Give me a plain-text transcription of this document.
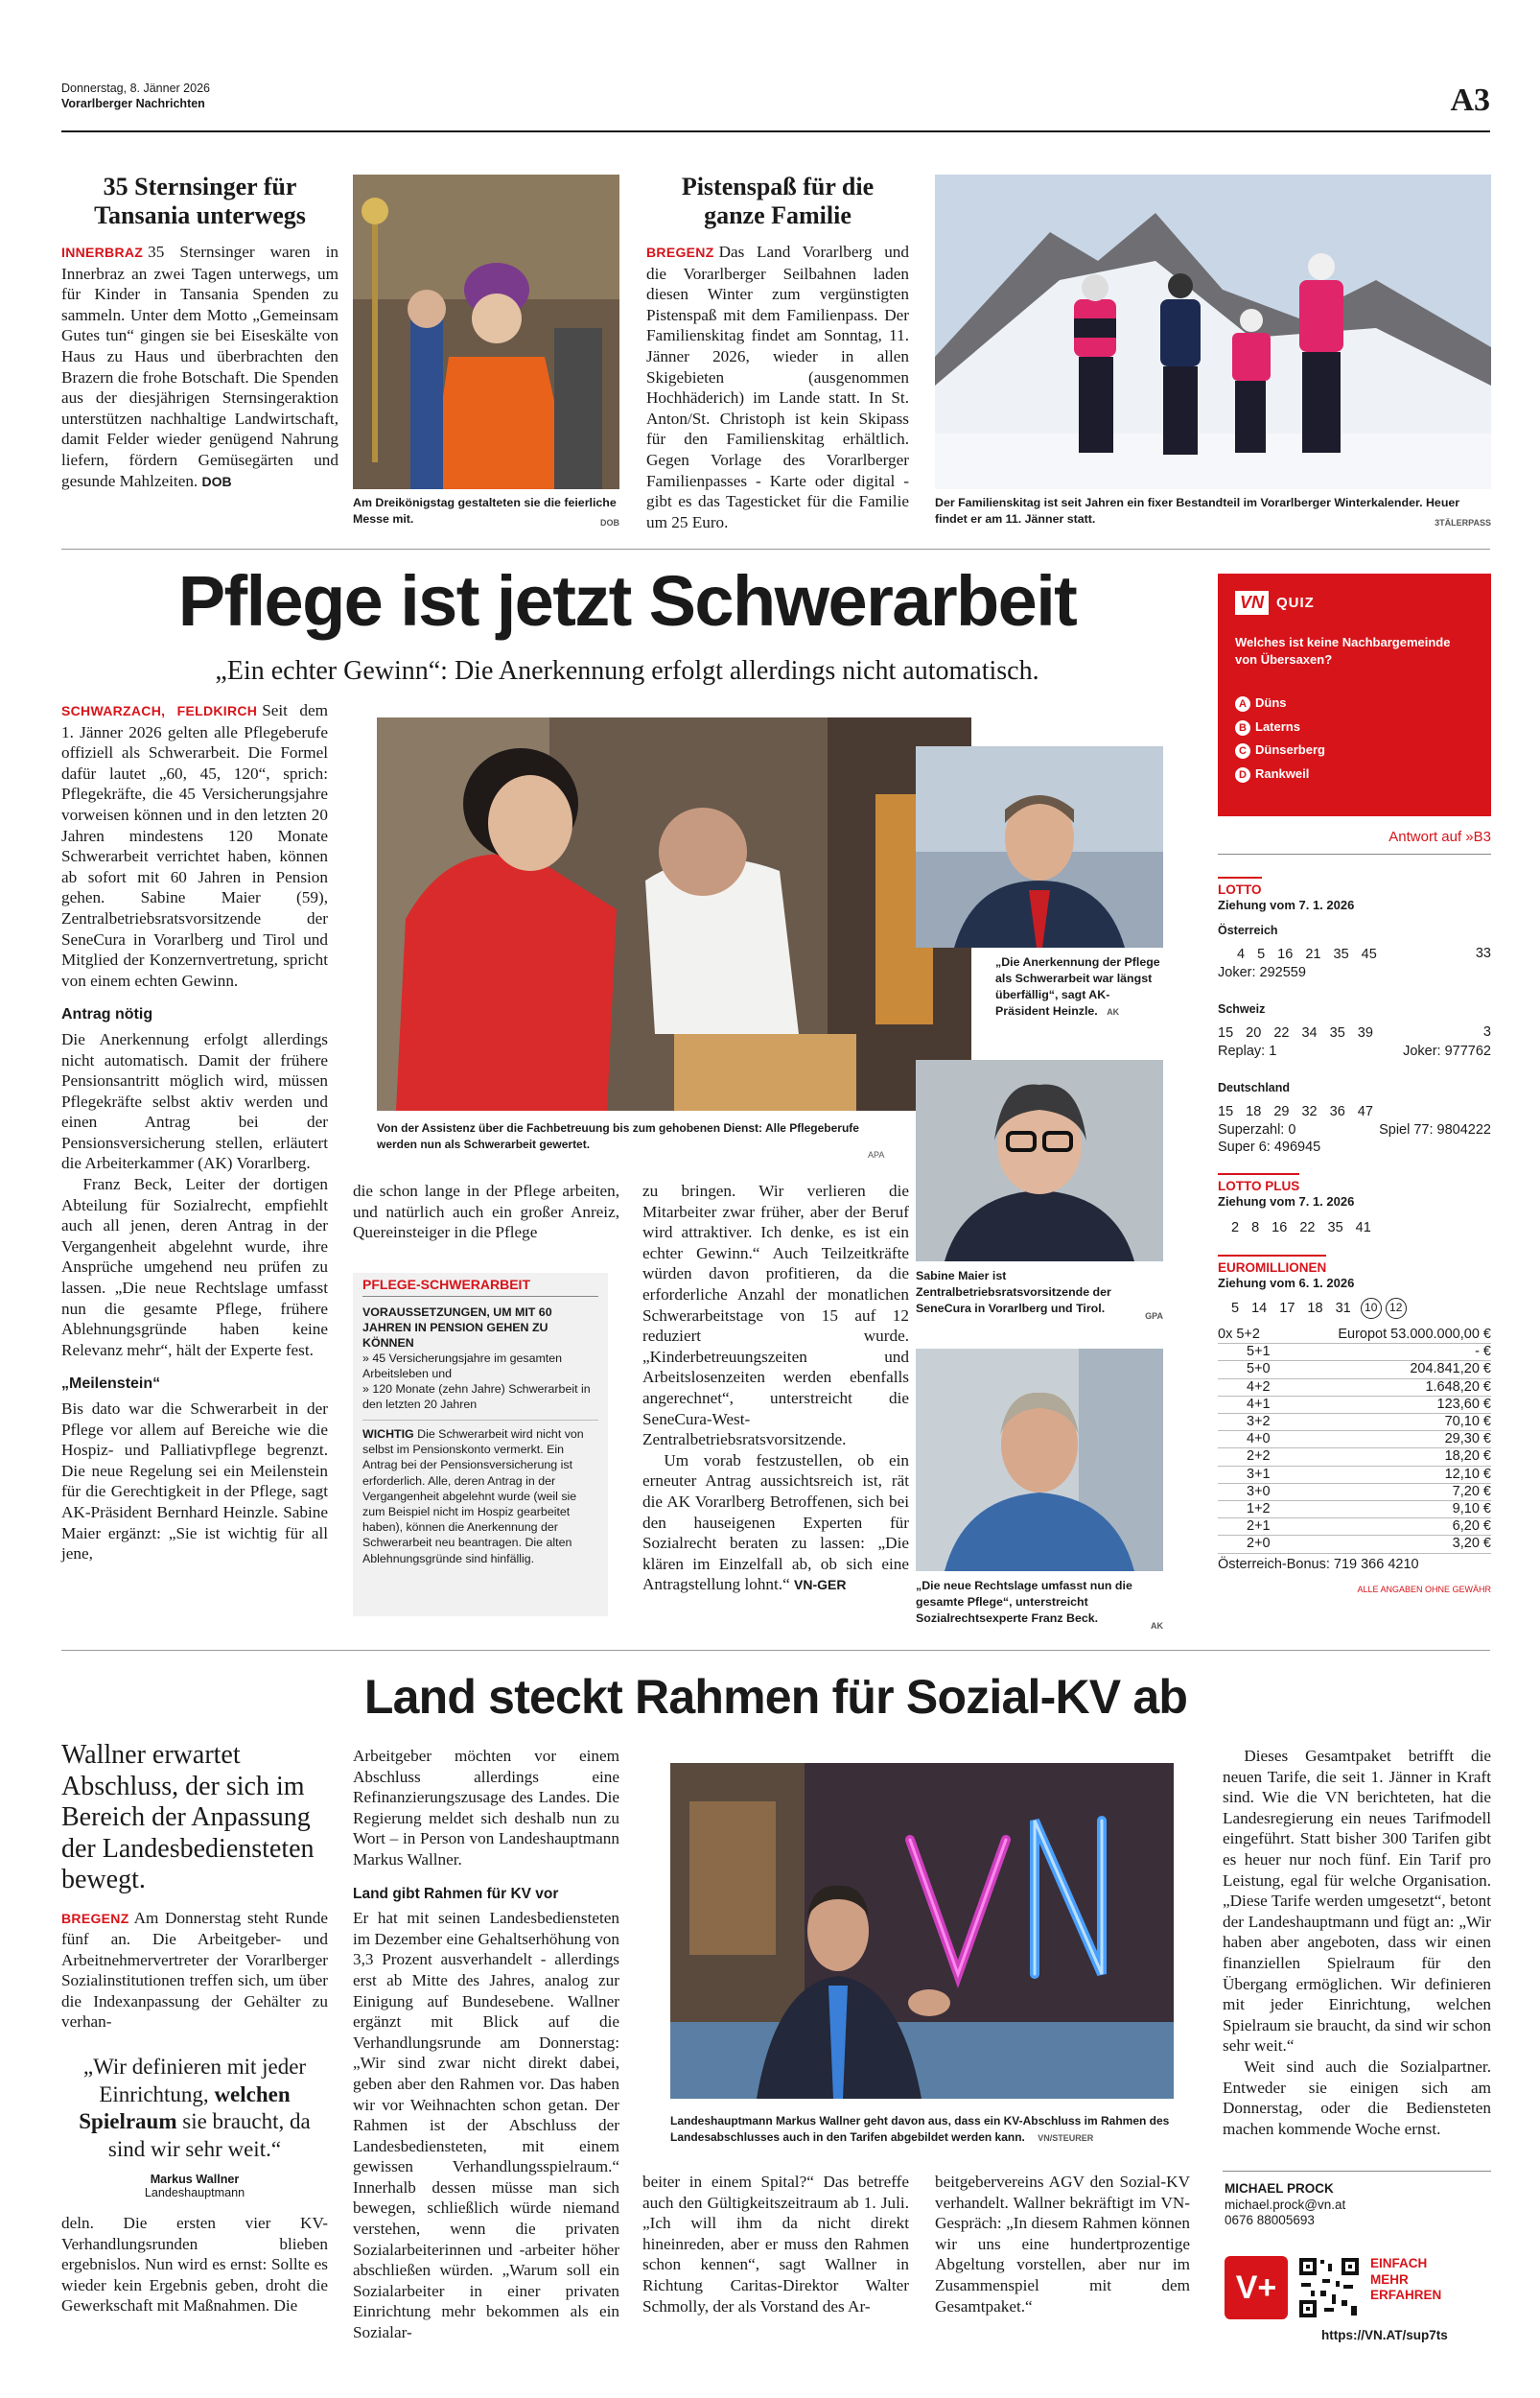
Donnerstag, 8. Jänner 2026
Vorarlberger Nachrichten	A3
35 Sternsinger für Tansania unterwegs
INNERBRAZ 35 Sternsinger waren in Innerbraz an zwei Tagen unterwegs, um für Kinder in Tansania Spenden zu sammeln. Unter dem Motto „Gemeinsam Gutes tun“ gingen sie bei Eiseskälte von Haus zu Haus und überbrachten den Brazern die frohe Botschaft. Die Spenden aus der diesjährigen Sternsingeraktion unterstützen nachhaltige Landwirtschaft, damit Felder wieder genügend Nahrung liefern, fördern Gemüsegärten und gesunde Mahlzeiten. DOB
Am Dreikönigstag gestalteten sie die feierliche Messe mit.	DOB
Pistenspaß für die ganze Familie
BREGENZ Das Land Vorarlberg und die Vorarlberger Seilbahnen laden diesen Winter zum vergünstigten Pistenspaß mit dem Familienpass. Der Familienskitag findet am Sonntag, 11. Jänner 2026, wieder in allen Skigebieten (ausgenommen Hochhäderich) im Lande statt. In St. Anton/St. Christoph ist kein Skipass für den Familienskitag erhältlich. Gegen Vorlage des Vorarlberger Familienpasses - Karte oder digital - gibt es das Tagesticket für die Familie um 25 Euro.
Der Familienskitag ist seit Jahren ein fixer Bestandteil im Vorarlberger Winterkalender. Heuer findet er am 11. Jänner statt.	3TÄLERPASS
Pflege ist jetzt Schwerarbeit
„Ein echter Gewinn“: Die Anerkennung erfolgt allerdings nicht automatisch.
SCHWARZACH, FELDKIRCH Seit dem 1. Jänner 2026 gelten alle Pflegeberufe offiziell als Schwerarbeit. Die Formel dafür lautet „60, 45, 120“, sprich: Pflegekräfte, die 45 Versicherungsjahre vorweisen können und in den letzten 20 Jahren mindestens 120 Monate Schwerarbeit verrichtet haben, können ab sofort mit 60 Jahren in Pension gehen. Sabine Maier (59), Zentralbetriebsratsvorsitzende der SeneCura in Vorarlberg und Tirol und Mitglied der Konzernvertretung, spricht von einem echten Gewinn.
Antrag nötig

Die Anerkennung erfolgt allerdings nicht automatisch. Damit der frühere Pensionsantritt möglich wird, müssen Pflegekräfte selbst aktiv werden und einen Antrag bei der Pensionsversicherung stellen, erläutert die Arbeiterkammer (AK) Vorarlberg.

Franz Beck, Leiter der dortigen Abteilung für Sozialrecht, empfiehlt auch all jenen, deren Antrag in der Vergangenheit abgelehnt wurde, ihre Ansprüche umgehend neu prüfen zu lassen. „Die neue Rechtslage umfasst nun die gesamte Pflege, frühere Ablehnungsgründe haben keine Relevanz mehr“, hält der Experte fest.

„Meilenstein“

Bis dato war die Schwerarbeit in der Pflege vor allem auf Bereiche wie die Hospiz- und Palliativpflege begrenzt. Die neue Regelung sei ein Meilenstein für die Gerechtigkeit in der Pflege, sagt AK-Präsident Bernhard Heinzle. Sabine Maier ergänzt: „Sie ist wichtig für all jene,

Von der Assistenz über die Fachbetreuung bis zum gehobenen Dienst: Alle Pflegeberufe werden nun als Schwerarbeit gewertet.
APA

die schon lange in der Pflege arbeiten, und natürlich auch ein großer Anreiz, Quereinsteiger in die Pflege

PFLEGE-SCHWERARBEIT
VORAUSSETZUNGEN, UM MIT 60 JAHREN IN PENSION GEHEN ZU KÖNNEN
» 45 Versicherungsjahre im gesamten Arbeitsleben und
» 120 Monate (zehn Jahre) Schwerarbeit in den letzten 20 Jahren
WICHTIG Die Schwerarbeit wird nicht von selbst im Pensionskonto vermerkt. Ein Antrag bei der Pensionsversicherung ist erforderlich. Alle, deren Antrag in der Vergangenheit abgelehnt wurde (weil sie zum Beispiel nicht im Hospiz gearbeitet haben), können die Anerkennung der Schwerarbeit neu beantragen. Die alten Ablehnungsgründe sind hinfällig.

zu bringen. Wir verlieren die Mitarbeiter zwar früher, aber der Beruf wird attraktiver. Ich denke, es ist ein echter Gewinn.“ Auch Teilzeitkräfte würden davon profitieren, da die erforderliche Anzahl der monatlichen Schwerarbeitstage von 15 auf 12 reduziert wurde. „Kinderbetreuungszeiten und Arbeitslosenzeiten werden ebenfalls angerechnet“, unterstreicht die SeneCura-West-Zentralbetriebsratsvorsitzende.

Um vorab festzustellen, ob ein erneuter Antrag aussichtsreich ist, rät die AK Vorarlberg Betroffenen, sich bei den hauseigenen Experten für Sozialrecht beraten zu lassen: „Die klären im Einzelfall ab, ob sich eine Antragstellung lohnt.“ VN-GER

„Die Anerkennung der Pflege als Schwerarbeit war längst überfällig“, sagt AK-Präsident Heinzle. AK
Sabine Maier ist Zentralbetriebsratsvorsitzende der SeneCura in Vorarlberg und Tirol.
GPA
„Die neue Rechtslage umfasst nun die gesamte Pflege“, unterstreicht Sozialrechtsexperte Franz Beck.
AK
VN QUIZ
Welches ist keine Nachbargemeinde von Übersaxen?
A Düns
B Laterns
C Dünserberg
D Rankweil
Antwort auf »B3
LOTTO
Ziehung vom 7. 1. 2026
Österreich
4 5 16 21 35 45	33
Joker: 292559
Schweiz
15 20 22 34 35 39	3
Replay: 1	Joker: 977762
Deutschland
15 18 29 32 36 47
Superzahl: 0	Spiel 77: 9804222
Super 6: 496945
LOTTO PLUS
Ziehung vom 7. 1. 2026
2 8 16 22 35 41
EUROMILLIONEN
Ziehung vom 6. 1. 2026
5 14 17 18 31	10	12
0x 5+2	Europot 53.000.000,00 €
5+1	- €
5+0	204.841,20 €
4+2	1.648,20 €
4+1	123,60 €
3+2	70,10 €
4+0	29,30 €
2+2	18,20 €
3+1	12,10 €
3+0	7,20 €
1+2	9,10 €
2+1	6,20 €
2+0	3,20 €
Österreich-Bonus: 719 366 4210
ALLE ANGABEN OHNE GEWÄHR
Land steckt Rahmen für Sozial-KV ab
Wallner erwartet Abschluss, der sich im Bereich der Anpassung der Landesbediensteten bewegt.
BREGENZ Am Donnerstag steht Runde fünf an. Die Arbeitgeber- und Arbeitnehmervertreter der Vorarlberger Sozialinstitutionen treffen sich, um über die Indexanpassung der Gehälter zu verhan-
„Wir definieren mit jeder Einrichtung, welchen Spielraum sie braucht, da sind wir sehr weit.“
Markus Wallner
Landeshauptmann
deln. Die ersten vier KV-Verhandlungsrunden blieben ergebnislos. Nun wird es ernst: Sollte es wieder kein Ergebnis geben, droht die Gewerkschaft mit Maßnahmen. Die

Arbeitgeber möchten vor einem Abschluss allerdings eine Refinanzierungszusage des Landes. Die Regierung meldet sich deshalb nun zu Wort – in Person von Landeshauptmann Markus Wallner.

Land gibt Rahmen für KV vor

Er hat mit seinen Landesbediensteten im Dezember eine Gehaltserhöhung von 3,3 Prozent ausverhandelt - allerdings erst ab Mitte des Jahres, analog zur Einigung auf Bundesebene. Wallner ergänzt mit Blick auf die Verhandlungsrunde am Donnerstag: „Wir sind zwar nicht direkt dabei, geben aber den Rahmen vor. Das haben wir vor Weihnachten schon getan. Der Rahmen ist der Abschluss der Landesbediensteten, mit einem gewissen Verhandlungsspielraum.“ Innerhalb dessen müsse man sich bewegen, schließlich würde niemand verstehen, wenn die privaten Sozialarbeiterinnen und -arbeiter höher abschließen würden. „Warum soll ein Sozialarbeiter in einer privaten Einrichtung mehr bekommen als ein Sozialar-

Landeshauptmann Markus Wallner geht davon aus, dass ein KV-Abschluss im Rahmen des Landesabschlusses auch in den Tarifen abgebildet werden kann. VN/STEURER

beiter in einem Spital?“ Das betreffe auch den Gültigkeitszeitraum ab 1. Juli. „Ich will ihm da nicht direkt hineinreden, aber er muss den Rahmen schon kennen“, sagt Wallner in Richtung Caritas-Direktor Walter Schmolly, der als Vorstand des Ar-

beitgebervereins AGV den Sozial-KV verhandelt. Wallner bekräftigt im VN-Gespräch: „In diesem Rahmen können wir uns eine hundertprozentige Abgeltung vorstellen, aber nur im Zusammenspiel mit dem Gesamtpaket.“

Dieses Gesamtpaket betrifft die neuen Tarife, die seit 1. Jänner in Kraft sind. Wie die VN berichteten, hat die Landesregierung ein neues Tarifmodell eingeführt. Statt bisher 300 Tarifen gibt es heuer nur noch fünf. Ein Tarif pro Leistung, egal für welche Organisation. „Diese Tarife werden umgesetzt“, betont der Landeshauptmann und fügt an: „Wir haben aber angeboten, dass wir einen finanziellen Spielraum für den Übergang ermöglichen. Wir definieren mit jeder Einrichtung, welchen Spielraum sie braucht, da sind wir schon sehr weit.“

Weit sind auch die Sozialpartner. Entweder sie einigen sich am Donnerstag, oder die Bediensteten machen kommende Woche ernst.

MICHAEL PROCK
michael.prock@vn.at
0676 88005693
V+
EINFACH
MEHR
ERFAHREN
https://VN.AT/sup7ts
